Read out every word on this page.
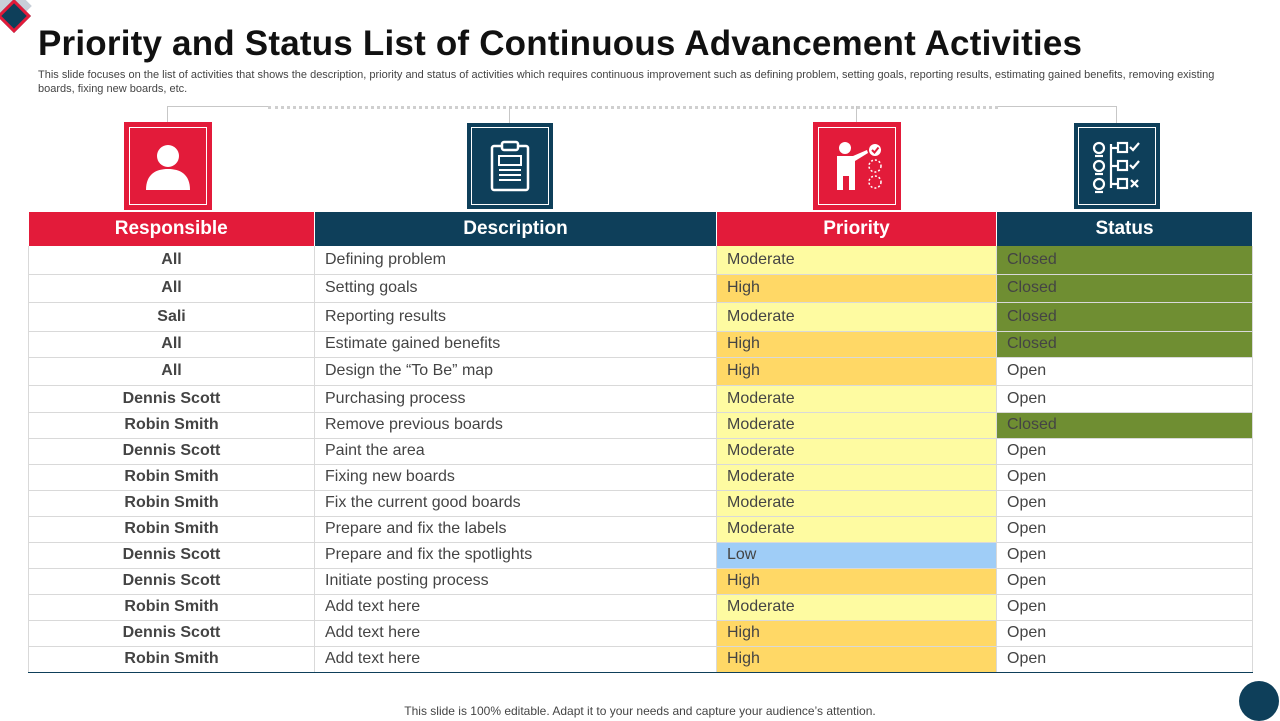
Priority and Status List of Continuous Advancement Activities
This slide focuses on the list of activities that shows the description, priority and status of activities which requires continuous improvement such as defining problem, setting goals, reporting results, estimating gained benefits, removing existing boards, fixing new boards, etc.
Responsible	Description	Priority	Status
All	Defining problem	Moderate	Closed
All	Setting goals	High	Closed
Sali	Reporting results	Moderate	Closed
All	Estimate gained benefits	High	Closed
All	Design the “To Be” map	High	Open
Dennis Scott	Purchasing process	Moderate	Open
Robin Smith	Remove previous boards	Moderate	Closed
Dennis Scott	Paint the area	Moderate	Open
Robin Smith	Fixing new boards	Moderate	Open
Robin Smith	Fix the current good boards	Moderate	Open
Robin Smith	Prepare and fix the labels	Moderate	Open
Dennis Scott	Prepare and fix the spotlights	Low	Open
Dennis Scott	Initiate posting process	High	Open
Robin Smith	Add text here	Moderate	Open
Dennis Scott	Add text here	High	Open
Robin Smith	Add text here	High	Open
This slide is 100% editable. Adapt it to your needs and capture your audience’s attention.
